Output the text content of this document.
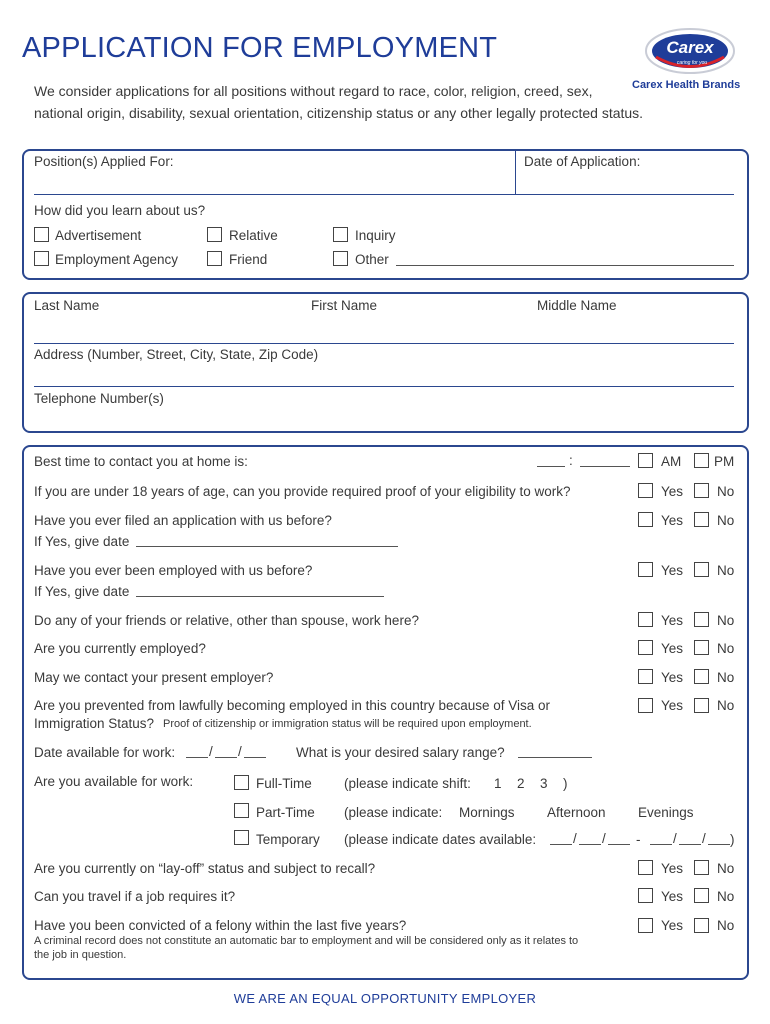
APPLICATION FOR EMPLOYMENT
We consider applications for all positions without regard to race, color, religion, creed, sex,
national origin, disability, sexual orientation, citizenship status or any other legally protected status.
Carex
caring for you
Carex Health Brands
Position(s) Applied For:	Date of Application:
How did you learn about us?
Advertisement	Relative	Inquiry
Employment Agency	Friend	Other
Last Name	First Name	Middle Name
Address (Number, Street, City, State, Zip Code)
Telephone Number(s)
Best time to contact you at home is:	:	AM PM
If you are under 18 years of age, can you provide required proof of your eligibility to work?	Yes	No
Have you ever filed an application with us before?	Yes	No
If Yes, give date
Have you ever been employed with us before?	Yes	No
If Yes, give date
Do any of your friends or relative, other than spouse, work here?	Yes	No
Are you currently employed?	Yes	No
May we contact your present employer?	Yes	No
Are you prevented from lawfully becoming employed in this country because of Visa or
Immigration Status? Proof of citizenship or immigration status will be required upon employment.
Yes	No
Date available for work:	/ /	What is your desired salary range?
Are you available for work:	Full-Time (please indicate shift: 1 2 3 )
Part-Time (please indicate: Mornings Afternoon Evenings
Temporary (please indicate dates available:	/ / - / / )
Are you currently on “lay-off” status and subject to recall?	Yes	No
Can you travel if a job requires it?	Yes	No
Have you been convicted of a felony within the last five years?
A criminal record does not constitute an automatic bar to employment and will be considered only as it relates to
the job in question.
Yes	No
WE ARE AN EQUAL OPPORTUNITY EMPLOYER
